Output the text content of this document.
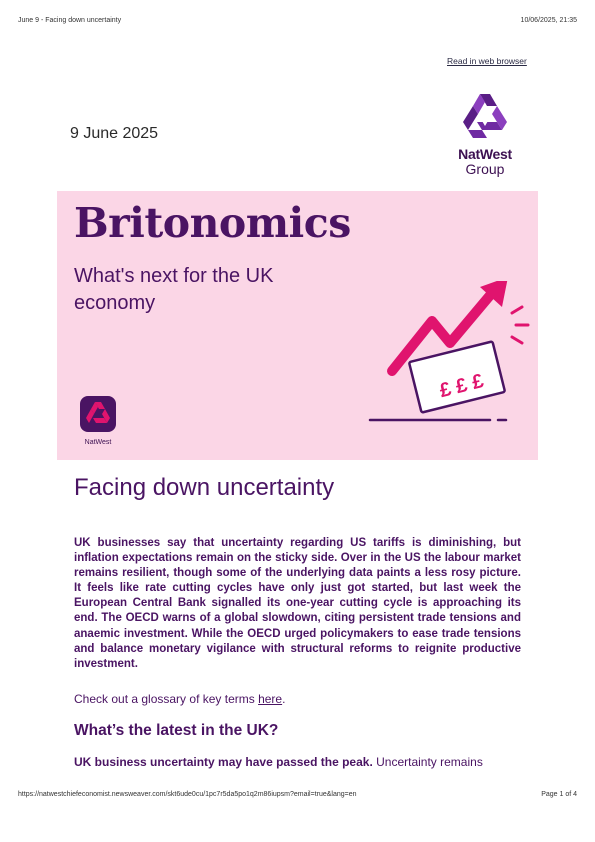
June 9 - Facing down uncertainty	10/06/2025, 21:35
Read in web browser
9 June 2025
NatWest
Group
Britonomics
What's next for the UK economy
NatWest
£ £ £
Facing down uncertainty
UK businesses say that uncertainty regarding US tariffs is diminishing, but inflation expectations remain on the sticky side. Over in the US the labour market remains resilient, though some of the underlying data paints a less rosy picture. It feels like rate cutting cycles have only just got started, but last week the European Central Bank signalled its one-year cutting cycle is approaching its end. The OECD warns of a global slowdown, citing persistent trade tensions and anaemic investment. While the OECD urged policymakers to ease trade tensions and balance monetary vigilance with structural reforms to reignite productive investment.
Check out a glossary of key terms here.
What’s the latest in the UK?
UK business uncertainty may have passed the peak. Uncertainty remains
https://natwestchiefeconomist.newsweaver.com/skt6ude0cu/1pc7r5da5po1q2m86iupsm?email=true&lang=en	Page 1 of 4
